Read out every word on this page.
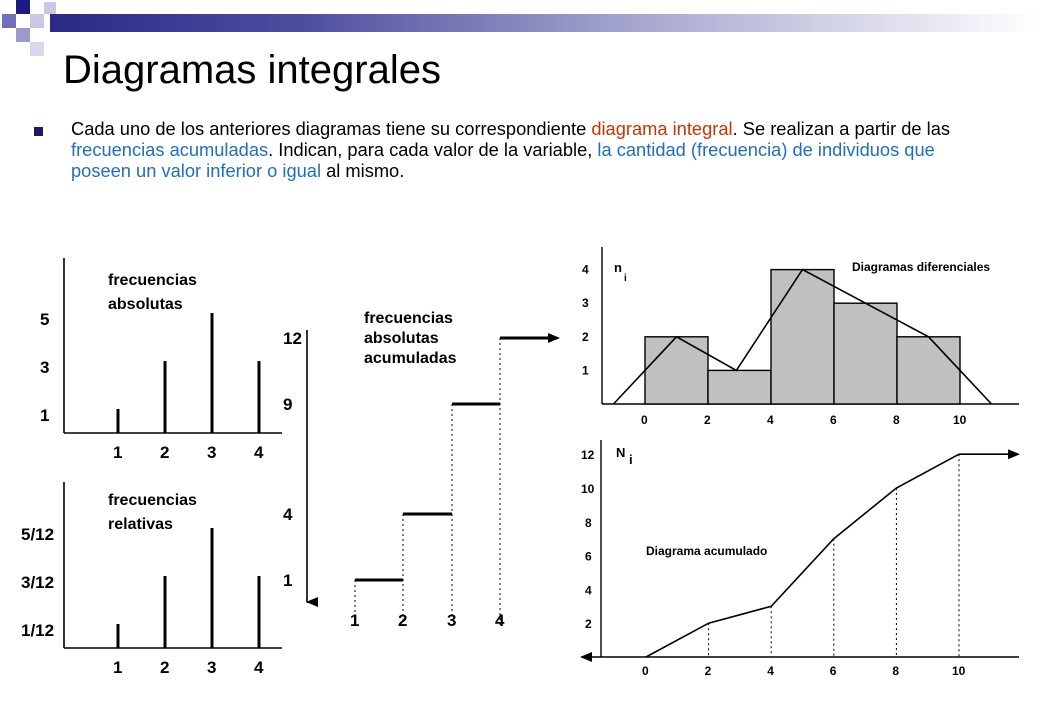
Diagramas integrales
Cada uno de los anteriores diagramas tiene su correspondiente diagrama integral. Se realizan a partir de las frecuencias acumuladas. Indican, para cada valor de la variable, la cantidad (frecuencia) de individuos que poseen un valor inferior o igual al mismo.
1 2 3 4
5
3
1
frecuencias
absolutas
1 2 3 4
5/12
3/12
1/12
frecuencias
relativas
1 2 3 4
12
9
4
1
frecuencias
absolutas
acumuladas
0	2	4	6	8	10
4
3
2
1
n
i
Diagramas diferenciales
0	2	4	6	8	10
12
10
8
6
4
2
N i
Diagrama acumulado
